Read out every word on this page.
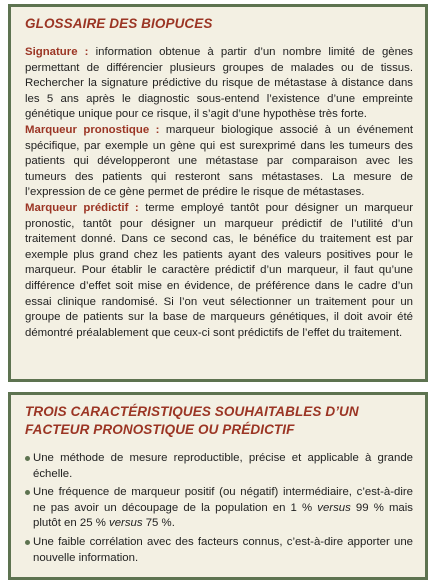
GLOSSAIRE DES BIOPUCES

Signature : information obtenue à partir d’un nombre limité de gènes permettant de différencier plusieurs groupes de malades ou de tissus. Rechercher la signature prédictive du risque de métastase à distance dans les 5 ans après le diagnostic sous-entend l’existence d’une empreinte génétique unique pour ce risque, il s’agit d’une hypothèse très forte.

Marqueur pronostique : marqueur biologique associé à un événement spécifique, par exemple un gène qui est surexprimé dans les tumeurs des patients qui développeront une métastase par comparaison avec les tumeurs des patients qui resteront sans métastases. La mesure de l’expression de ce gène permet de prédire le risque de métastases.

Marqueur prédictif : terme employé tantôt pour désigner un marqueur pronostic, tantôt pour désigner un marqueur prédictif de l’utilité d’un traitement donné. Dans ce second cas, le bénéfice du traitement est par exemple plus grand chez les patients ayant des valeurs positives pour le marqueur. Pour établir le caractère prédictif d’un marqueur, il faut qu’une différence d’effet soit mise en évidence, de préférence dans le cadre d’un essai clinique randomisé. Si l’on veut sélectionner un traitement pour un groupe de patients sur la base de marqueurs génétiques, il doit avoir été démontré préalablement que ceux-ci sont prédictifs de l’effet du traitement.

TROIS CARACTÉRISTIQUES SOUHAITABLES D’UN FACTEUR PRONOSTIQUE OU PRÉDICTIF
Une méthode de mesure reproductible, précise et applicable à grande échelle.
Une fréquence de marqueur positif (ou négatif) intermédiaire, c’est-à-dire ne pas avoir un découpage de la population en 1 % versus 99 % mais plutôt en 25 % versus 75 %.
Une faible corrélation avec des facteurs connus, c’est-à-dire apporter une nouvelle information.
